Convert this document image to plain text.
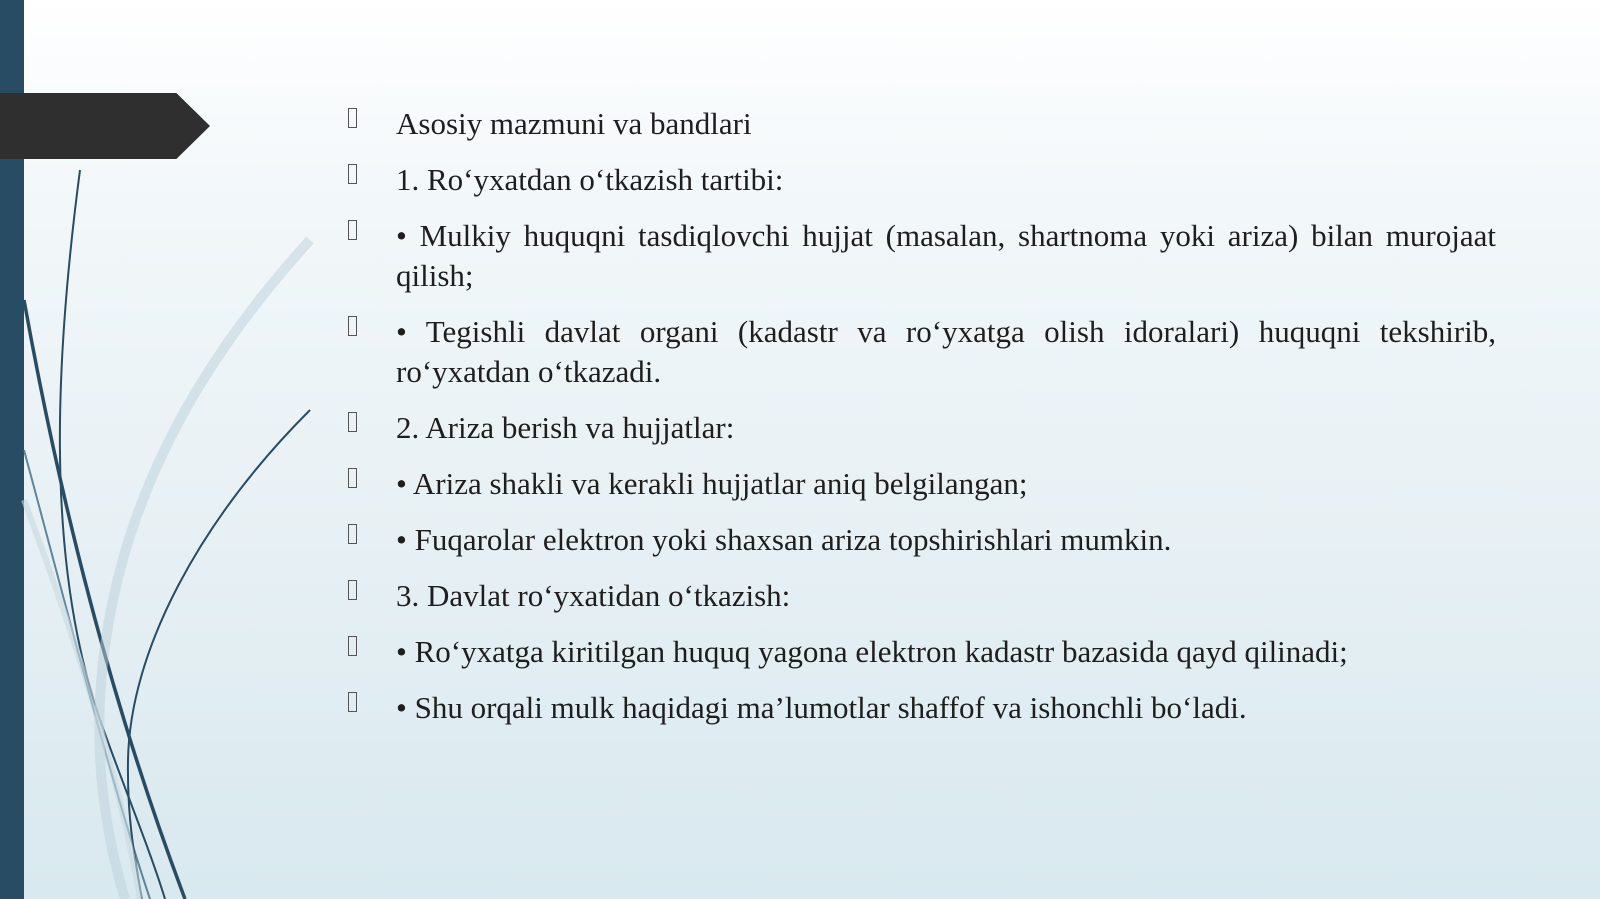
Asosiy mazmuni va bandlari
1. Ro‘yxatdan o‘tkazish tartibi:
• Mulkiy huquqni tasdiqlovchi hujjat (masalan, shartnoma yoki ariza) bilan murojaat qilish;
• Tegishli davlat organi (kadastr va ro‘yxatga olish idoralari) huquqni tekshirib, ro‘yxatdan o‘tkazadi.
2. Ariza berish va hujjatlar:
• Ariza shakli va kerakli hujjatlar aniq belgilangan;
• Fuqarolar elektron yoki shaxsan ariza topshirishlari mumkin.
3. Davlat ro‘yxatidan o‘tkazish:
• Ro‘yxatga kiritilgan huquq yagona elektron kadastr bazasida qayd qilinadi;
• Shu orqali mulk haqidagi ma’lumotlar shaffof va ishonchli bo‘ladi.
